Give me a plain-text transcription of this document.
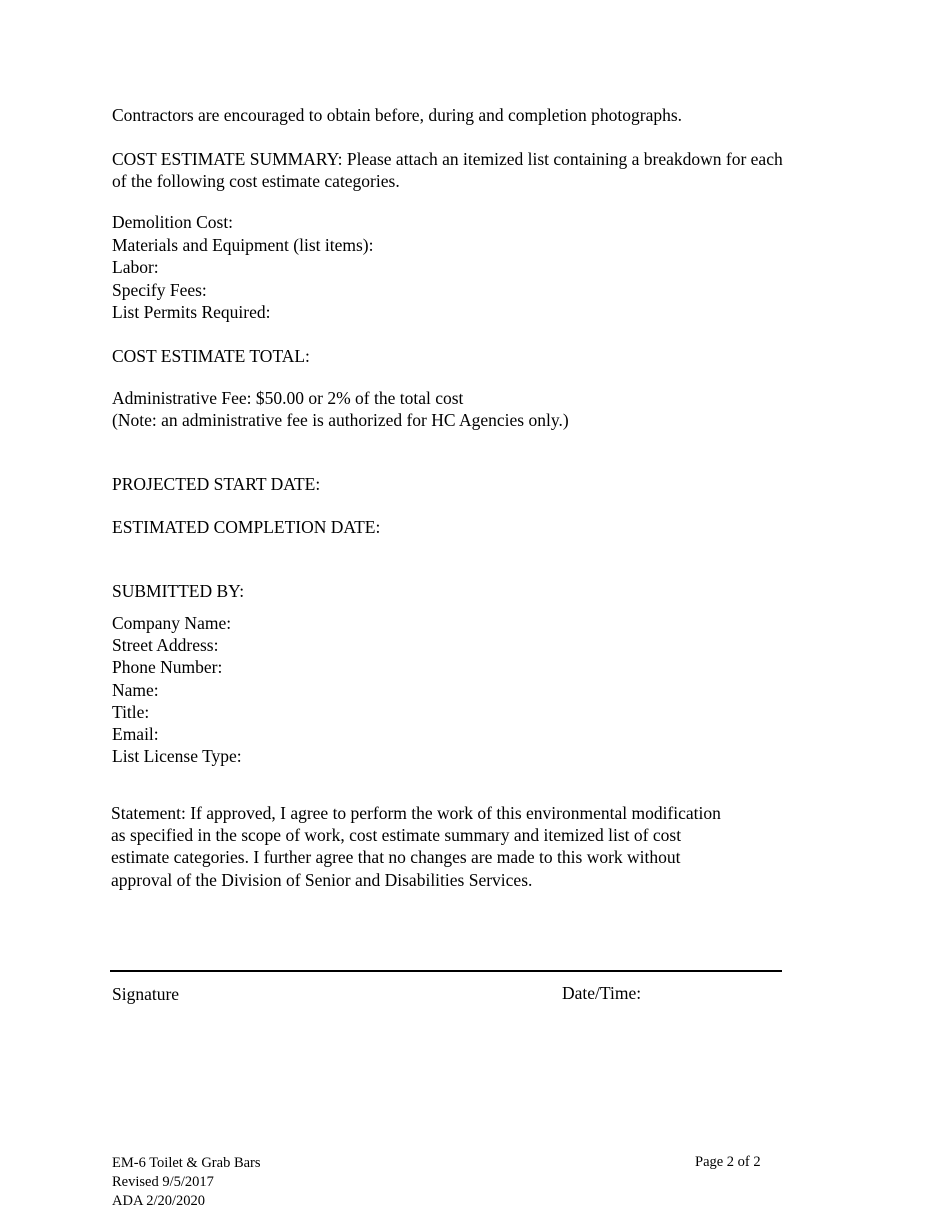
Contractors are encouraged to obtain before, during and completion photographs.

COST ESTIMATE SUMMARY: Please attach an itemized list containing a breakdown for each

of the following cost estimate categories.

Demolition Cost:

Materials and Equipment (list items):

Labor:

Specify Fees:

List Permits Required:

COST ESTIMATE TOTAL:

Administrative Fee: $50.00 or 2% of the total cost

(Note: an administrative fee is authorized for HC Agencies only.)

PROJECTED START DATE:

ESTIMATED COMPLETION DATE:

SUBMITTED BY:

Company Name:

Street Address:

Phone Number:

Name:

Title:

Email:

List License Type:

Statement: If approved, I agree to perform the work of this environmental modification

as specified in the scope of work, cost estimate summary and itemized list of cost

estimate categories. I further agree that no changes are made to this work without

approval of the Division of Senior and Disabilities Services.

Signature	Date/Time:

EM-6 Toilet & Grab Bars

Revised 9/5/2017

ADA 2/20/2020

Page 2 of 2
